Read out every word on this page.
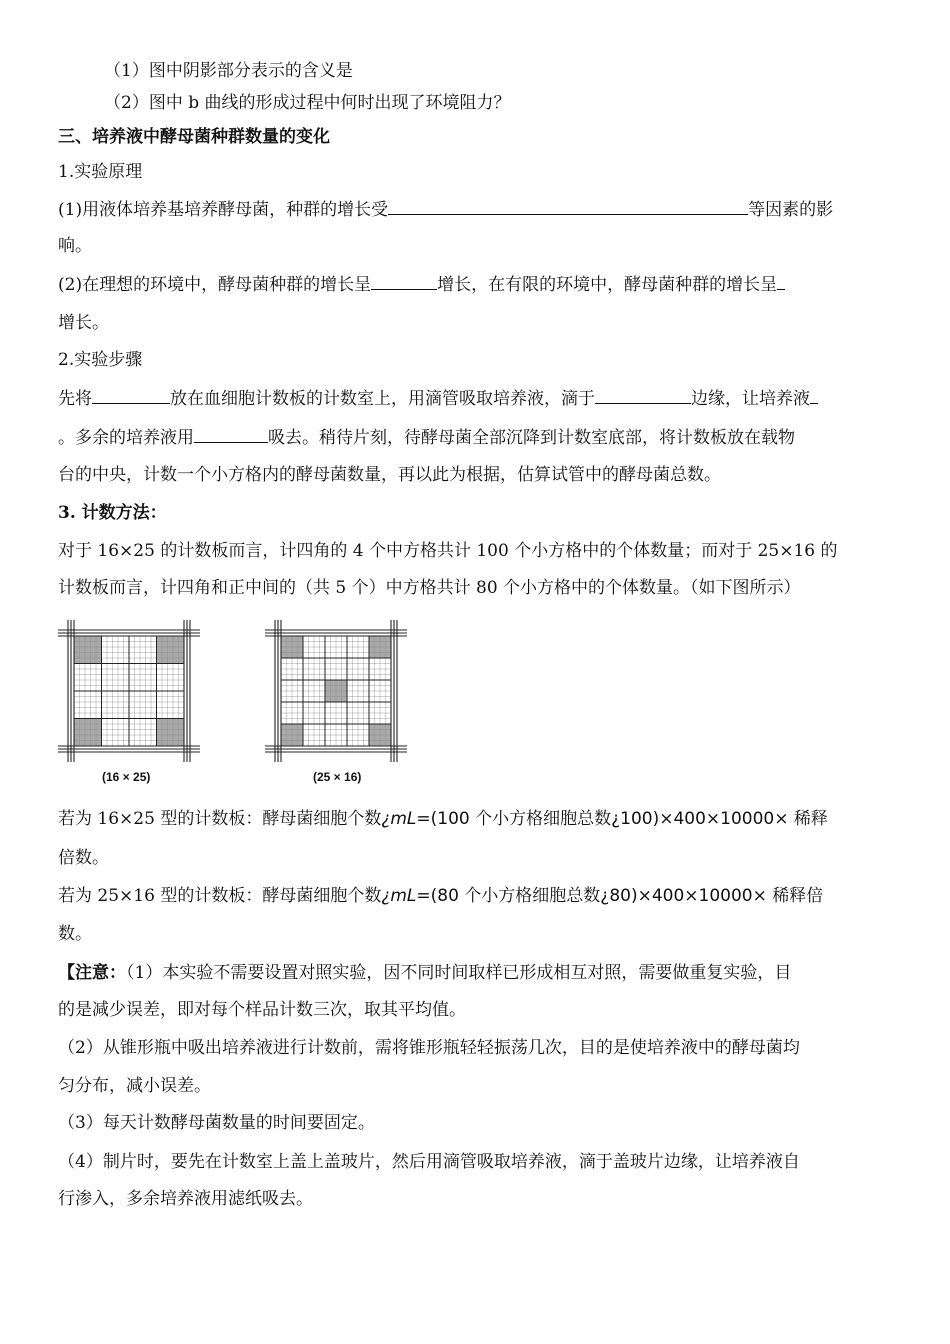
（1）图中阴影部分表示的含义是
（2）图中 b 曲线的形成过程中何时出现了环境阻力？
三、培养液中酵母菌种群数量的变化
1.实验原理
(1)用液体培养基培养酵母菌，种群的增长受	等因素的影
响。
(2)在理想的环境中，酵母菌种群的增长呈	增长，在有限的环境中，酵母菌种群的增长呈
增长。
2.实验步骤
先将	放在血细胞计数板的计数室上，用滴管吸取培养液，滴于	边缘，让培养液
。多余的培养液用	吸去。稍待片刻，待酵母菌全部沉降到计数室底部，将计数板放在载物
台的中央，计数一个小方格内的酵母菌数量，再以此为根据，估算试管中的酵母菌总数。
3. 计数方法：
对于 16×25 的计数板而言，计四角的 4 个中方格共计 100 个小方格中的个体数量；而对于 25×16 的
计数板而言，计四角和正中间的（共 5 个）中方格共计 80 个小方格中的个体数量。（如下图所示）
(16 × 25)	(25 × 16)
若为 16×25 型的计数板：酵母菌细胞个数¿mL=(100 个小方格细胞总数¿100)×400×10000× 稀释
倍数。
若为 25×16 型的计数板：酵母菌细胞个数¿mL=(80 个小方格细胞总数¿80)×400×10000× 稀释倍
数。
【注意：（1）本实验不需要设置对照实验，因不同时间取样已形成相互对照，需要做重复实验，目
的是减少误差，即对每个样品计数三次，取其平均值。
（2）从锥形瓶中吸出培养液进行计数前，需将锥形瓶轻轻振荡几次，目的是使培养液中的酵母菌均
匀分布，减小误差。
（3）每天计数酵母菌数量的时间要固定。
（4）制片时，要先在计数室上盖上盖玻片，然后用滴管吸取培养液，滴于盖玻片边缘，让培养液自
行渗入，多余培养液用滤纸吸去。
